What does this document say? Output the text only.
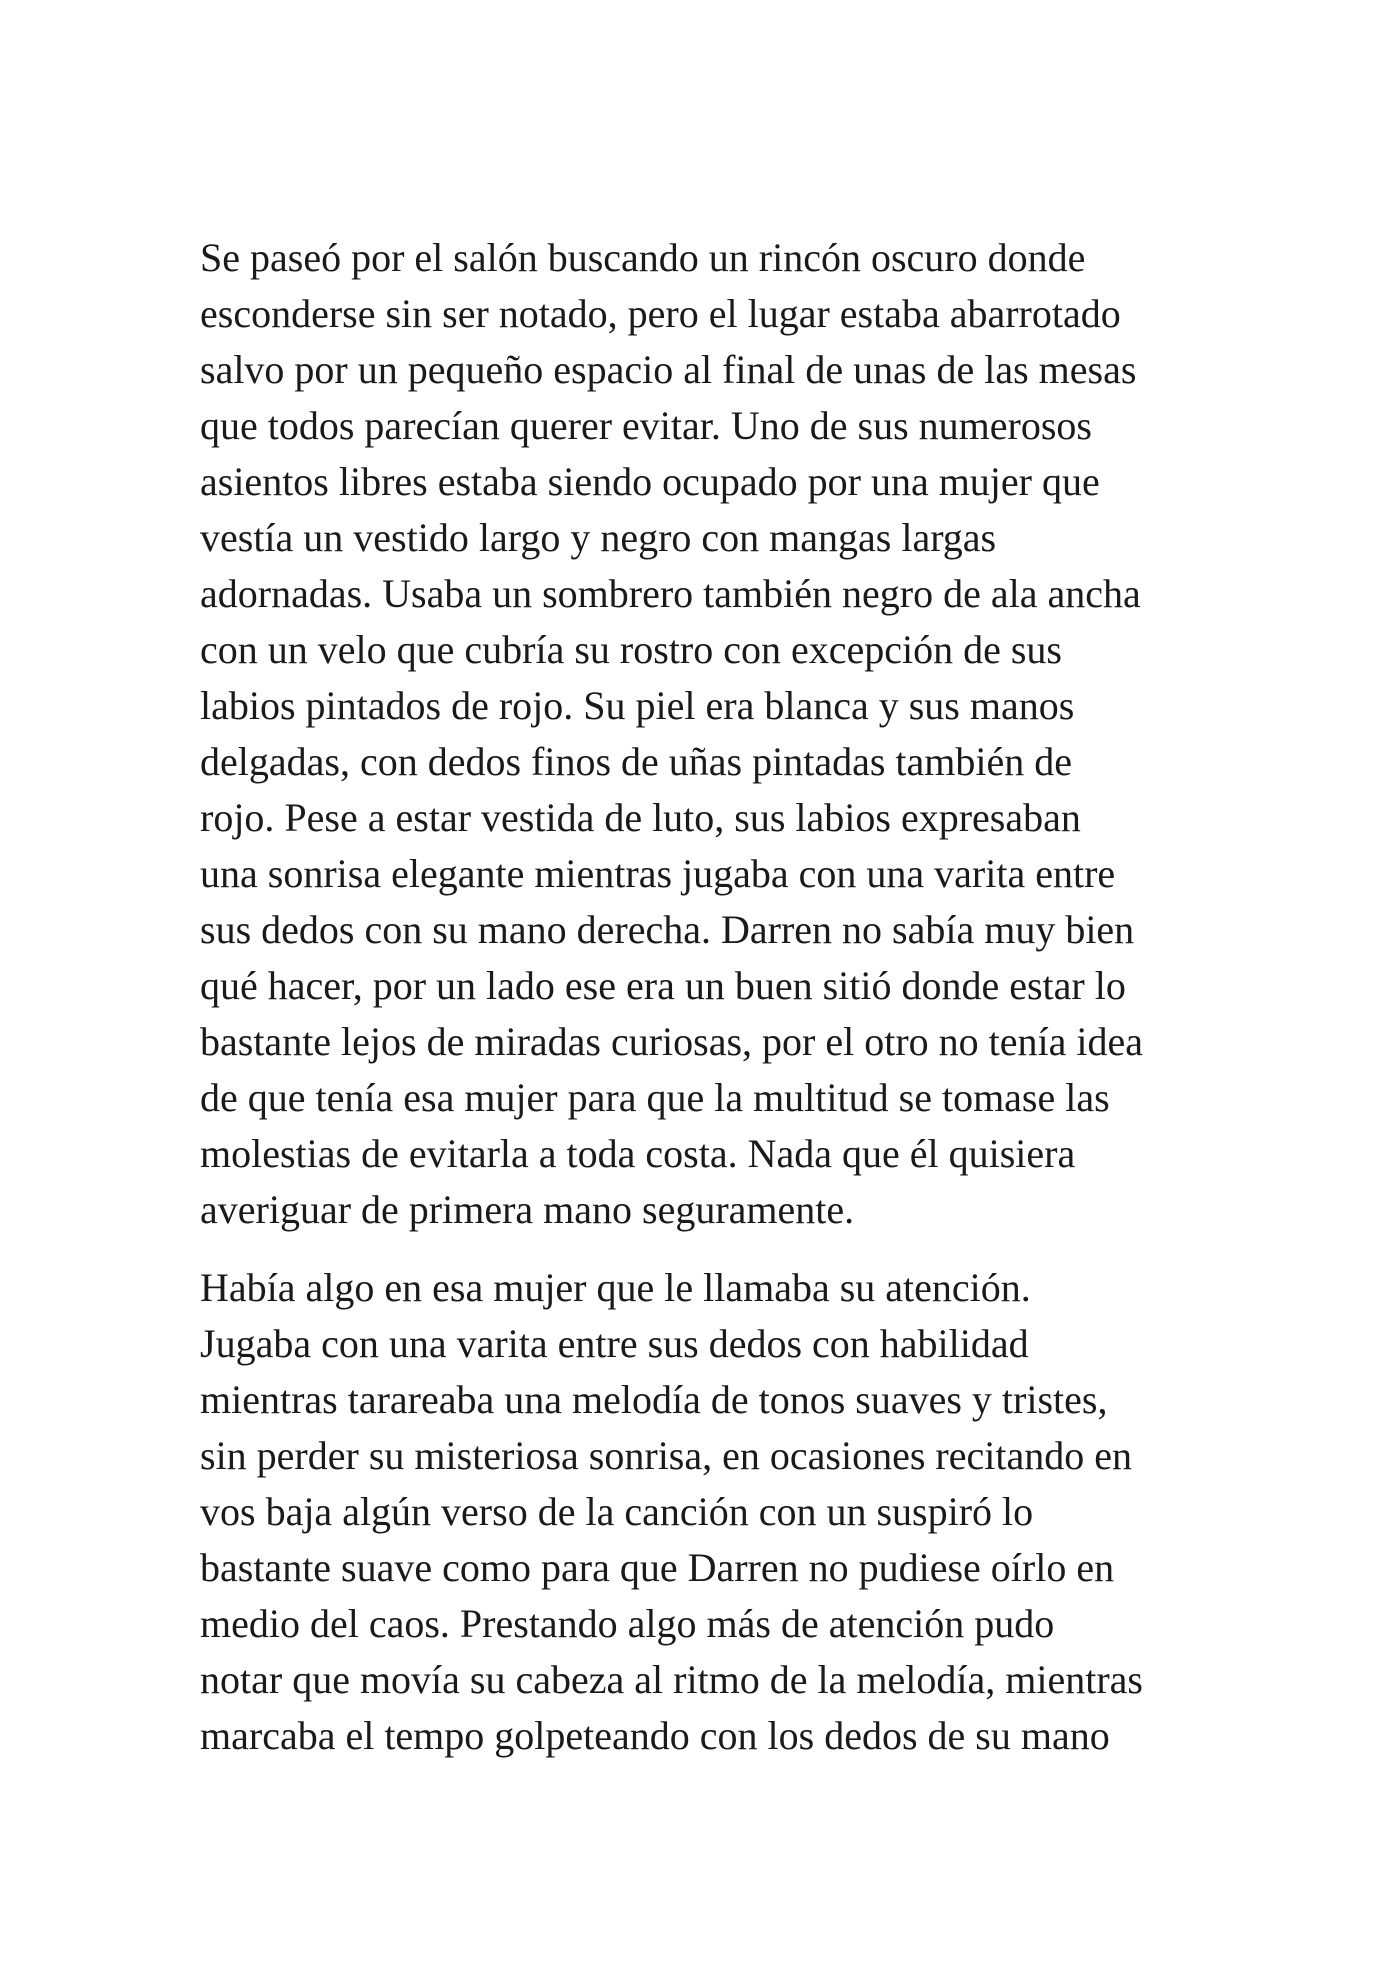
Se paseó por el salón buscando un rincón oscuro donde
esconderse sin ser notado, pero el lugar estaba abarrotado
salvo por un pequeño espacio al final de unas de las mesas
que todos parecían querer evitar. Uno de sus numerosos
asientos libres estaba siendo ocupado por una mujer que
vestía un vestido largo y negro con mangas largas
adornadas. Usaba un sombrero también negro de ala ancha
con un velo que cubría su rostro con excepción de sus
labios pintados de rojo. Su piel era blanca y sus manos
delgadas, con dedos finos de uñas pintadas también de
rojo. Pese a estar vestida de luto, sus labios expresaban
una sonrisa elegante mientras jugaba con una varita entre
sus dedos con su mano derecha. Darren no sabía muy bien
qué hacer, por un lado ese era un buen sitió donde estar lo
bastante lejos de miradas curiosas, por el otro no tenía idea
de que tenía esa mujer para que la multitud se tomase las
molestias de evitarla a toda costa. Nada que él quisiera
averiguar de primera mano seguramente.

Había algo en esa mujer que le llamaba su atención.
Jugaba con una varita entre sus dedos con habilidad
mientras tarareaba una melodía de tonos suaves y tristes,
sin perder su misteriosa sonrisa, en ocasiones recitando en
vos baja algún verso de la canción con un suspiró lo
bastante suave como para que Darren no pudiese oírlo en
medio del caos. Prestando algo más de atención pudo
notar que movía su cabeza al ritmo de la melodía, mientras
marcaba el tempo golpeteando con los dedos de su mano
